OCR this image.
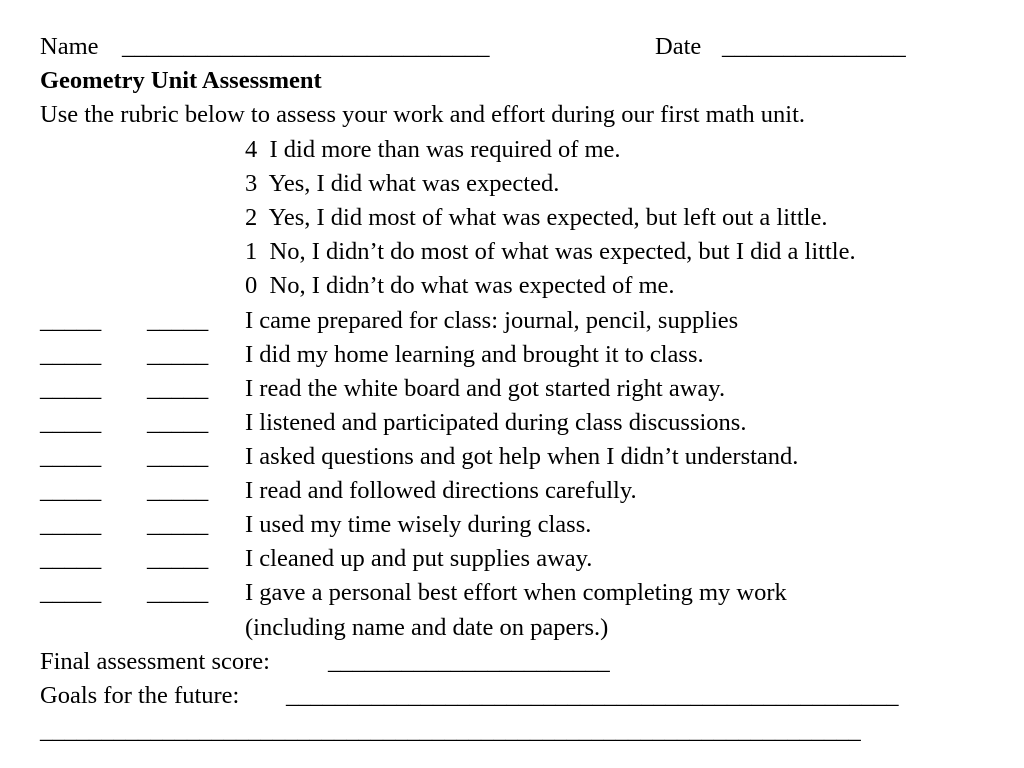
Name ______________________________	Date _______________
Geometry Unit Assessment
Use the rubric below to assess your work and effort during our first math unit.
4 I did more than was required of me.
3 Yes, I did what was expected.
2 Yes, I did most of what was expected, but left out a little.
1 No, I didn’t do most of what was expected, but I did a little.
0 No, I didn’t do what was expected of me.
_____ _____ I came prepared for class: journal, pencil, supplies
_____ _____ I did my home learning and brought it to class.
_____ _____ I read the white board and got started right away.
_____ _____ I listened and participated during class discussions.
_____ _____ I asked questions and got help when I didn’t understand.
_____ _____ I read and followed directions carefully.
_____ _____ I used my time wisely during class.
_____ _____ I cleaned up and put supplies away.
_____ _____ I gave a personal best effort when completing my work
(including name and date on papers.)
Final assessment score: _______________________
Goals for the future: __________________________________________________
___________________________________________________________________
